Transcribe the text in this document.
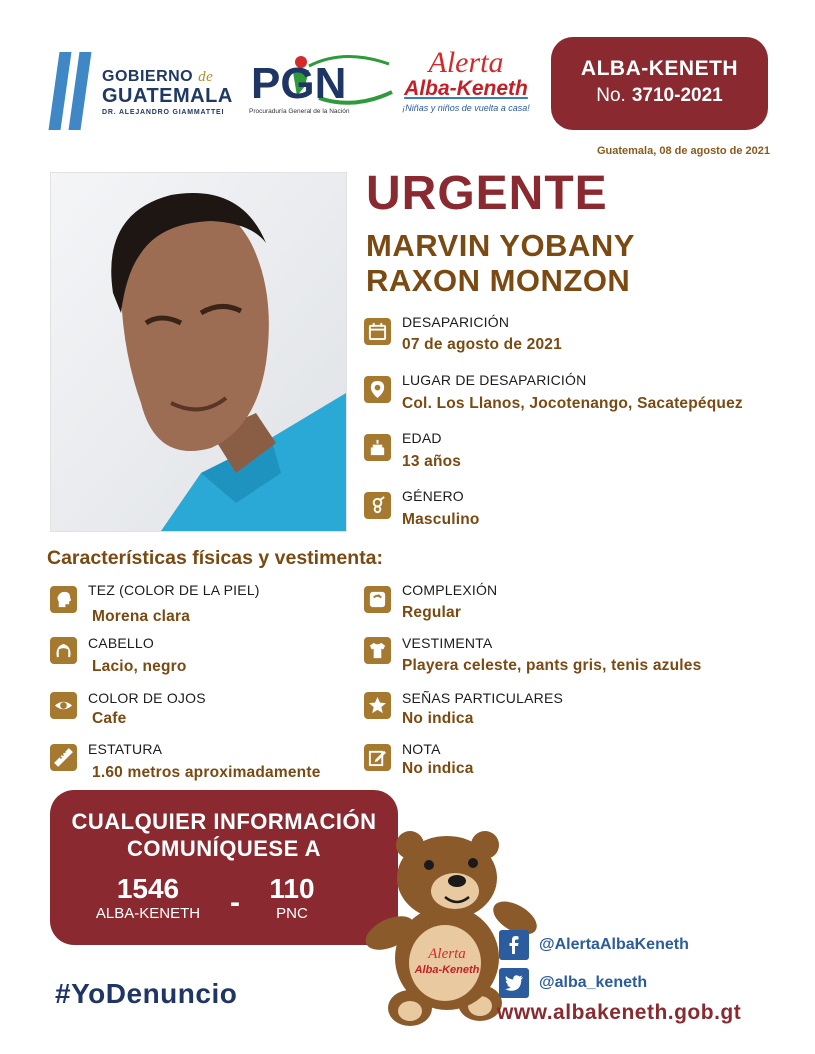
GOBIERNO de
GUATEMALA
DR. ALEJANDRO GIAMMATTEI
PGN
Procuraduría General de la Nación
Alerta
Alba-Keneth
¡Niñas y niños de vuelta a casa!
ALBA-KENETH
No. 3710-2021
Guatemala, 08 de agosto de 2021
URGENTE
MARVIN YOBANY
RAXON MONZON
DESAPARICIÓN
07 de agosto de 2021
LUGAR DE DESAPARICIÓN
Col. Los Llanos, Jocotenango, Sacatepéquez
EDAD
13 años
GÉNERO
Masculino
Características físicas y vestimenta:
TEZ (COLOR DE LA PIEL)
Morena clara
COMPLEXIÓN
Regular
CABELLO
Lacio, negro
VESTIMENTA
Playera celeste, pants gris, tenis azules
COLOR DE OJOS
Cafe
SEÑAS PARTICULARES
No indica
ESTATURA
1.60 metros aproximadamente
NOTA
No indica
CUALQUIER INFORMACIÓN
COMUNÍQUESE A
1546
ALBA-KENETH -	110
PNC
#YoDenuncio
Alerta
Alba-Keneth
@AlertaAlbaKeneth
@alba_keneth
www.albakeneth.gob.gt
